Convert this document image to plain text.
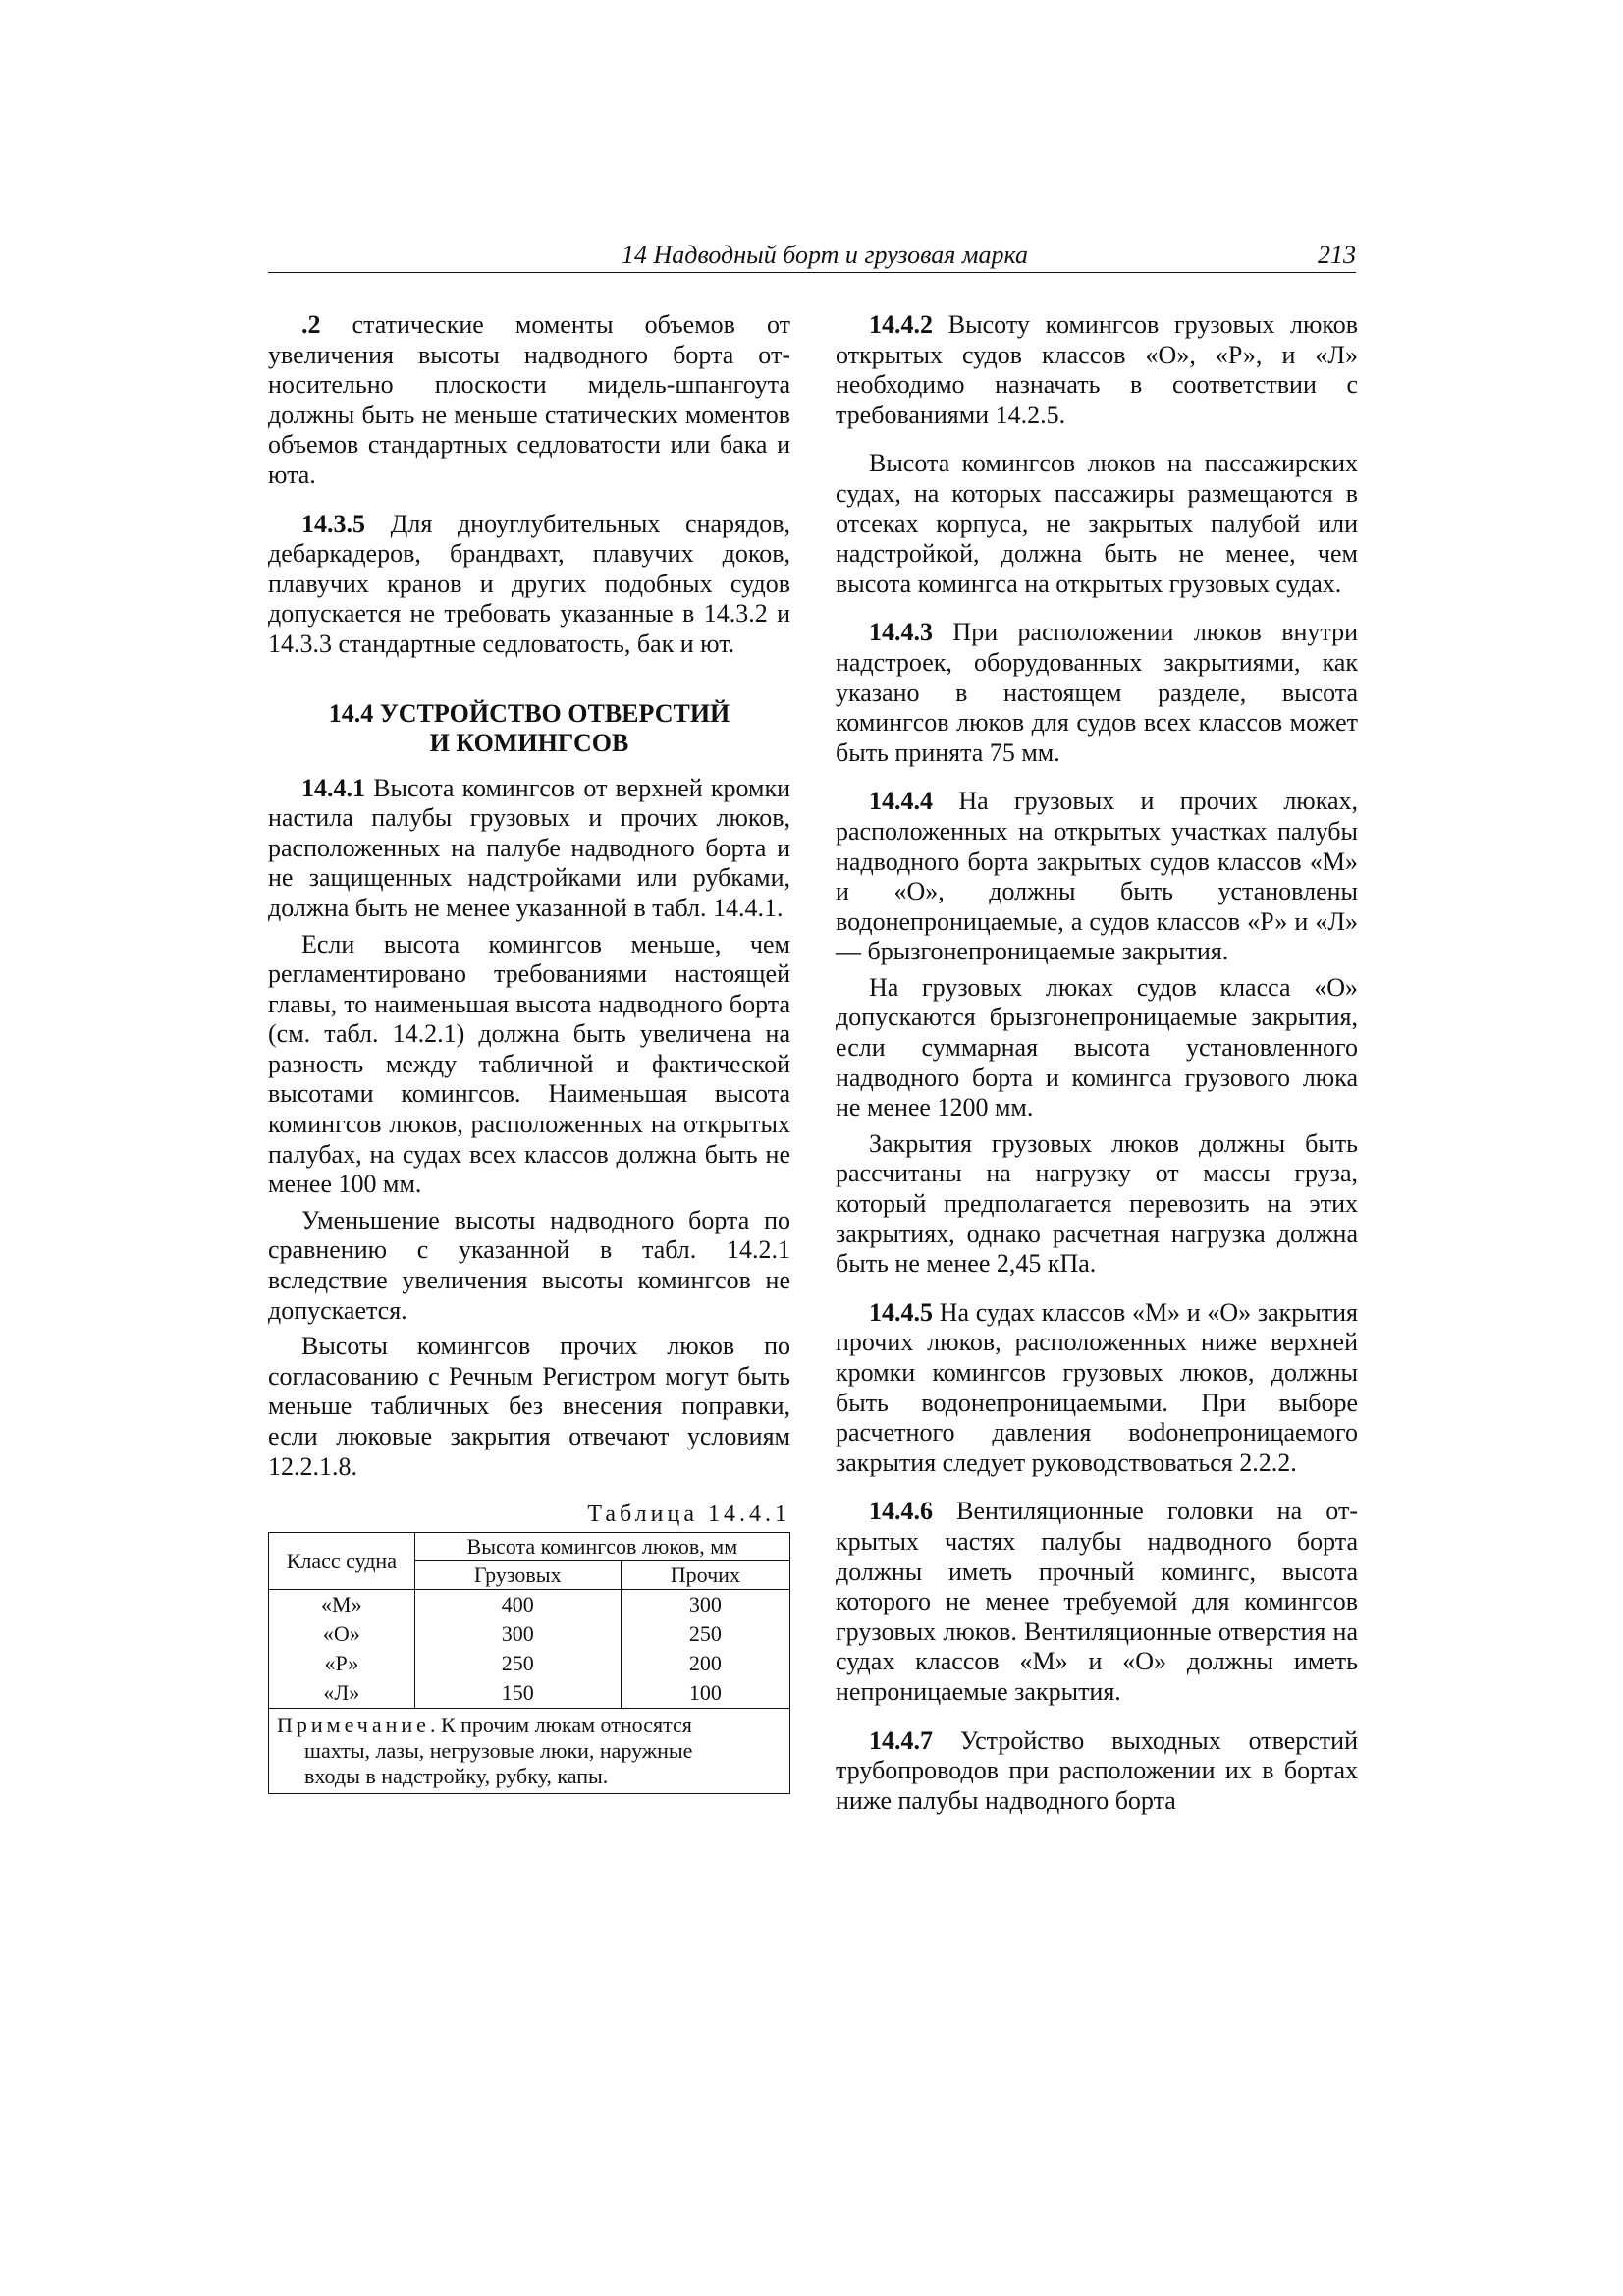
14 Надводный борт и грузовая марка	213

.2 статические моменты объемов от увеличения высоты надводного борта относительно плоскости мидель-шпангоута должны быть не меньше статических моментов объемов стандартных седловатости или бака и юта.

14.3.5 Для дноуглубительных снарядов, дебаркадеров, брандвахт, плавучих доков, плавучих кранов и других подобных судов допускается не требовать указанные в 14.3.2 и 14.3.3 стандартные седловатость, бак и ют.

14.4 УСТРОЙСТВО ОТВЕРСТИЙ
И КОМИНГСОВ

14.4.1 Высота комингсов от верхней кромки настила палубы грузовых и прочих люков, расположенных на палубе надводного борта и не защищенных надстройками или рубками, должна быть не менее указанной в табл. 14.4.1.

Если высота комингсов меньше, чем регламентировано требованиями настоящей главы, то наименьшая высота надводного борта (см. табл. 14.2.1) должна быть увеличена на разность между табличной и фактической высотами комингсов. Наименьшая высота комингсов люков, расположенных на открытых палубах, на судах всех классов должна быть не менее 100 мм.

Уменьшение высоты надводного борта по сравнению с указанной в табл. 14.2.1 вследствие увеличения высоты комингсов не допускается.

Высоты комингсов прочих люков по согласованию с Речным Регистром могут быть меньше табличных без внесения поправки, если люковые закрытия отвечают условиям 12.2.1.8.

Таблица 14.4.1
Класс судна	Высота комингсов люков, мм	
	Грузовых	Прочих
«М»	400	300
«О»	300	250
«Р»	250	200
«Л»	150	100
Примечание. К прочим люкам относятся
шахты, лазы, негрузовые люки, наружные
входы в надстройку, рубку, капы.		

14.4.2 Высоту комингсов грузовых люков открытых судов классов «О», «Р», и «Л» необходимо назначать в соответствии с требованиями 14.2.5.

Высота комингсов люков на пассажирских судах, на которых пассажиры размещаются в отсеках корпуса, не закрытых палубой или надстройкой, должна быть не менее, чем высота комингса на открытых грузовых судах.

14.4.3 При расположении люков внутри надстроек, оборудованных закрытиями, как указано в настоящем разделе, высота комингсов люков для судов всех классов может быть принята 75 мм.

14.4.4 На грузовых и прочих люках, расположенных на открытых участках палубы надводного борта закрытых судов классов «М» и «О», должны быть установлены водонепроницаемые, а судов классов «Р» и «Л» — брызгонепроницаемые закрытия.

На грузовых люках судов класса «О» допускаются брызгонепроницаемые закрытия, если суммарная высота установленного надводного борта и комингса грузового люка не менее 1200 мм.

Закрытия грузовых люков должны быть рассчитаны на нагрузку от массы груза, который предполагается перевозить на этих закрытиях, однако расчетная нагрузка должна быть не менее 2,45 кПа.

14.4.5 На судах классов «М» и «О» закрытия прочих люков, расположенных ниже верхней кромки комингсов грузовых люков, должны быть водонепроницаемыми. При выборе расчетного давления воdонепроницаемого закрытия следует руководствоваться 2.2.2.

14.4.6 Вентиляционные головки на открытых частях палубы надводного борта должны иметь прочный комингс, высота которого не менее требуемой для комингсов грузовых люков. Вентиляционные отверстия на судах классов «М» и «О» должны иметь непроницаемые закрытия.

14.4.7 Устройство выходных отверстий трубопроводов при расположении их в бортах ниже палубы надводного борта
